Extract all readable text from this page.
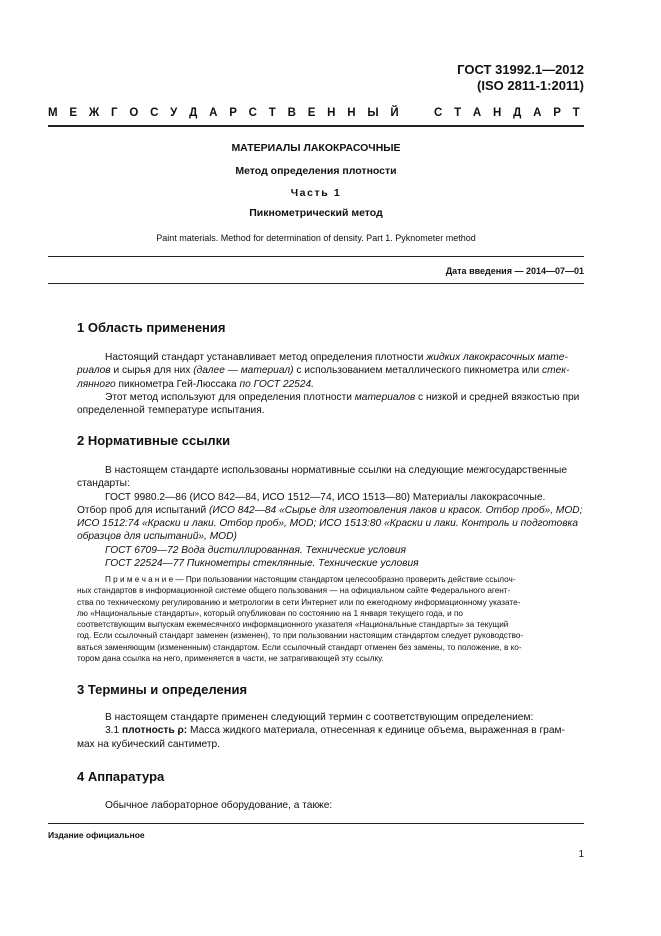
ГОСТ 31992.1—2012
(ISO 2811-1:2011)
М Е Ж Г О С У Д А Р С Т В Е Н Н Ы Й	С Т А Н Д А Р Т
МАТЕРИАЛЫ ЛАКОКРАСОЧНЫЕ
Метод определения плотности
Часть 1
Пикнометрический метод
Paint materials. Method for determination of density. Part 1. Pyknometer method
Дата введения — 2014—07—01
1 Область применения
Настоящий стандарт устанавливает метод определения плотности жидких лакокрасочных мате-
риалов и сырья для них (далее — материал) с использованием металлического пикнометра или стек-
лянного пикнометра Гей-Люссака по ГОСТ 22524.
Этот метод используют для определения плотности материалов с низкой и средней вязкостью при
определенной температуре испытания.
2 Нормативные ссылки
В настоящем стандарте использованы нормативные ссылки на следующие межгосударственные
стандарты:
ГОСТ 9980.2—86 (ИСО 842—84, ИСО 1512—74, ИСО 1513—80) Материалы лакокрасочные.
Отбор проб для испытаний (ИСО 842—84 «Сырье для изготовления лаков и красок. Отбор проб», MOD;
ИСО 1512:74 «Краски и лаки. Отбор проб», MOD; ИСО 1513:80 «Краски и лаки. Контроль и подготовка
образцов для испытаний», MOD)
ГОСТ 6709—72 Вода дистиллированная. Технические условия
ГОСТ 22524—77 Пикнометры стеклянные. Технические условия
П р и м е ч а н и е — При пользовании настоящим стандартом целесообразно проверить действие ссылоч-
ных стандартов в информационной системе общего пользования — на официальном сайте Федерального агент-
ства по техническому регулированию и метрологии в сети Интернет или по ежегодному информационному указате-
лю «Национальные стандарты», который опубликован по состоянию на 1 января текущего года, и по
соответствующим выпускам ежемесячного информационного указателя «Национальные стандарты» за текущий
год. Если ссылочный стандарт заменен (изменен), то при пользовании настоящим стандартом следует руководство-
ваться заменяющим (измененным) стандартом. Если ссылочный стандарт отменен без замены, то положение, в ко-
тором дана ссылка на него, применяется в части, не затрагивающей эту ссылку.
3 Термины и определения
В настоящем стандарте применен следующий термин с соответствующим определением:
3.1 плотность ρ: Масса жидкого материала, отнесенная к единице объема, выраженная в грам-
мах на кубический сантиметр.
4 Аппаратура
Обычное лабораторное оборудование, а также:
Издание официальное
1
